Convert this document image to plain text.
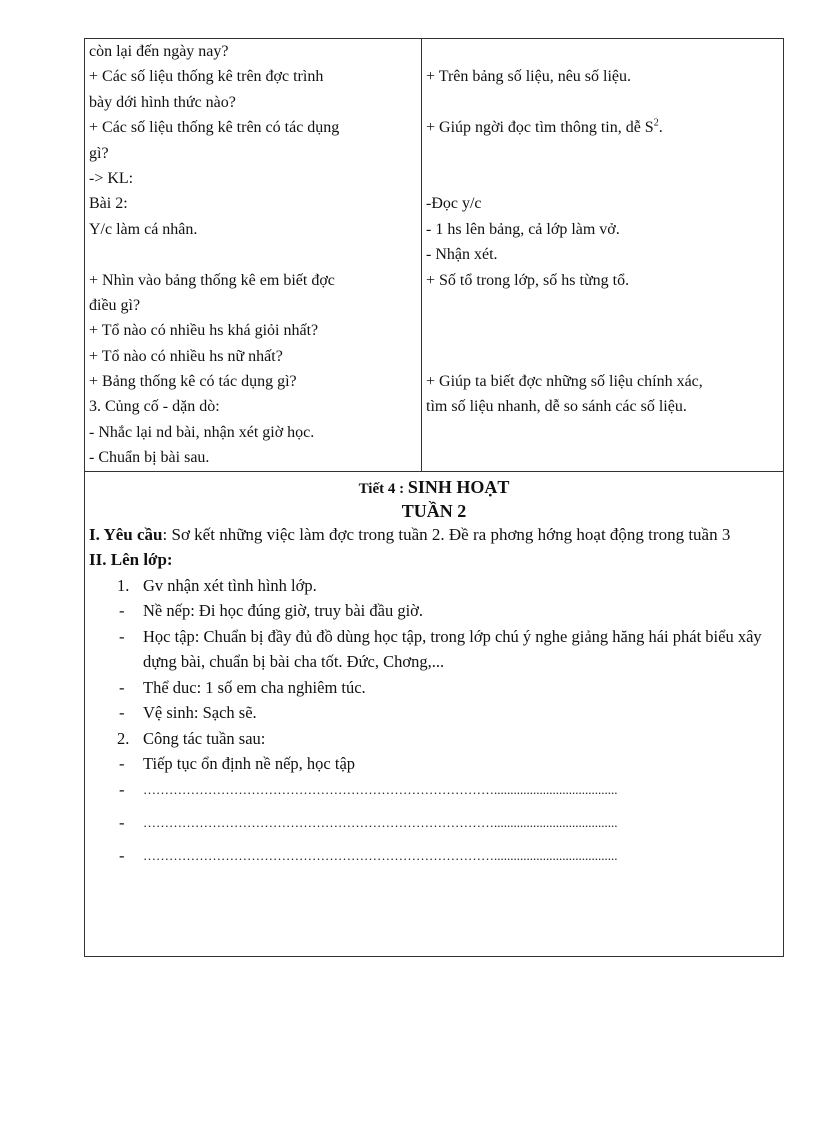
còn lại đến ngày nay?
+ Các số liệu thống kê trên đợc trình
bày dới hình thức nào?
+ Các số liệu thống kê trên có tác dụng
gì?
-> KL:
Bài 2:
Y/c làm cá nhân.

+ Nhìn vào bảng thống kê em biết đợc
điều gì?
+ Tổ nào có nhiều hs khá giỏi nhất?
+ Tổ nào có nhiều hs nữ nhất?
+ Bảng thống kê có tác dụng gì?
3. Củng cố - dặn dò:
- Nhắc lại nd bài, nhận xét giờ học.
- Chuẩn bị bài sau.

+ Trên bảng số liệu, nêu số liệu.

+ Giúp ngời đọc tìm thông tin, dễ $S^2$.

-Đọc y/c
- 1 hs lên bảng, cả lớp làm vở.
- Nhận xét.
+ Số tổ trong lớp, số hs từng tổ.

+ Giúp ta biết đợc những số liệu chính xác,
tìm số liệu nhanh, dễ so sánh các số liệu.

Tiết 4 : SINH HOẠT
TUẦN 2
I. Yêu cầu: Sơ kết những việc làm đợc trong tuần 2. Đề ra phơng hớng hoạt động trong tuần 3
II. Lên lớp:
1. Gv nhận xét tình hình lớp.
- Nề nếp: Đi học đúng giờ, truy bài đầu giờ.
- Học tập: Chuẩn bị đầy đủ đồ dùng học tập, trong lớp chú ý nghe giảng hăng hái phát biểu xây dựng bài, chuẩn bị bài cha tốt. Đức, Chơng,...
- Thể duc: 1 số em cha nghiêm túc.
- Vệ sinh: Sạch sẽ.
2. Công tác tuần sau:
- Tiếp tục ổn định nề nếp, học tập
- ………………………………………………………………………......................................
- ………………………………………………………………………......................................
- ………………………………………………………………………......................................
